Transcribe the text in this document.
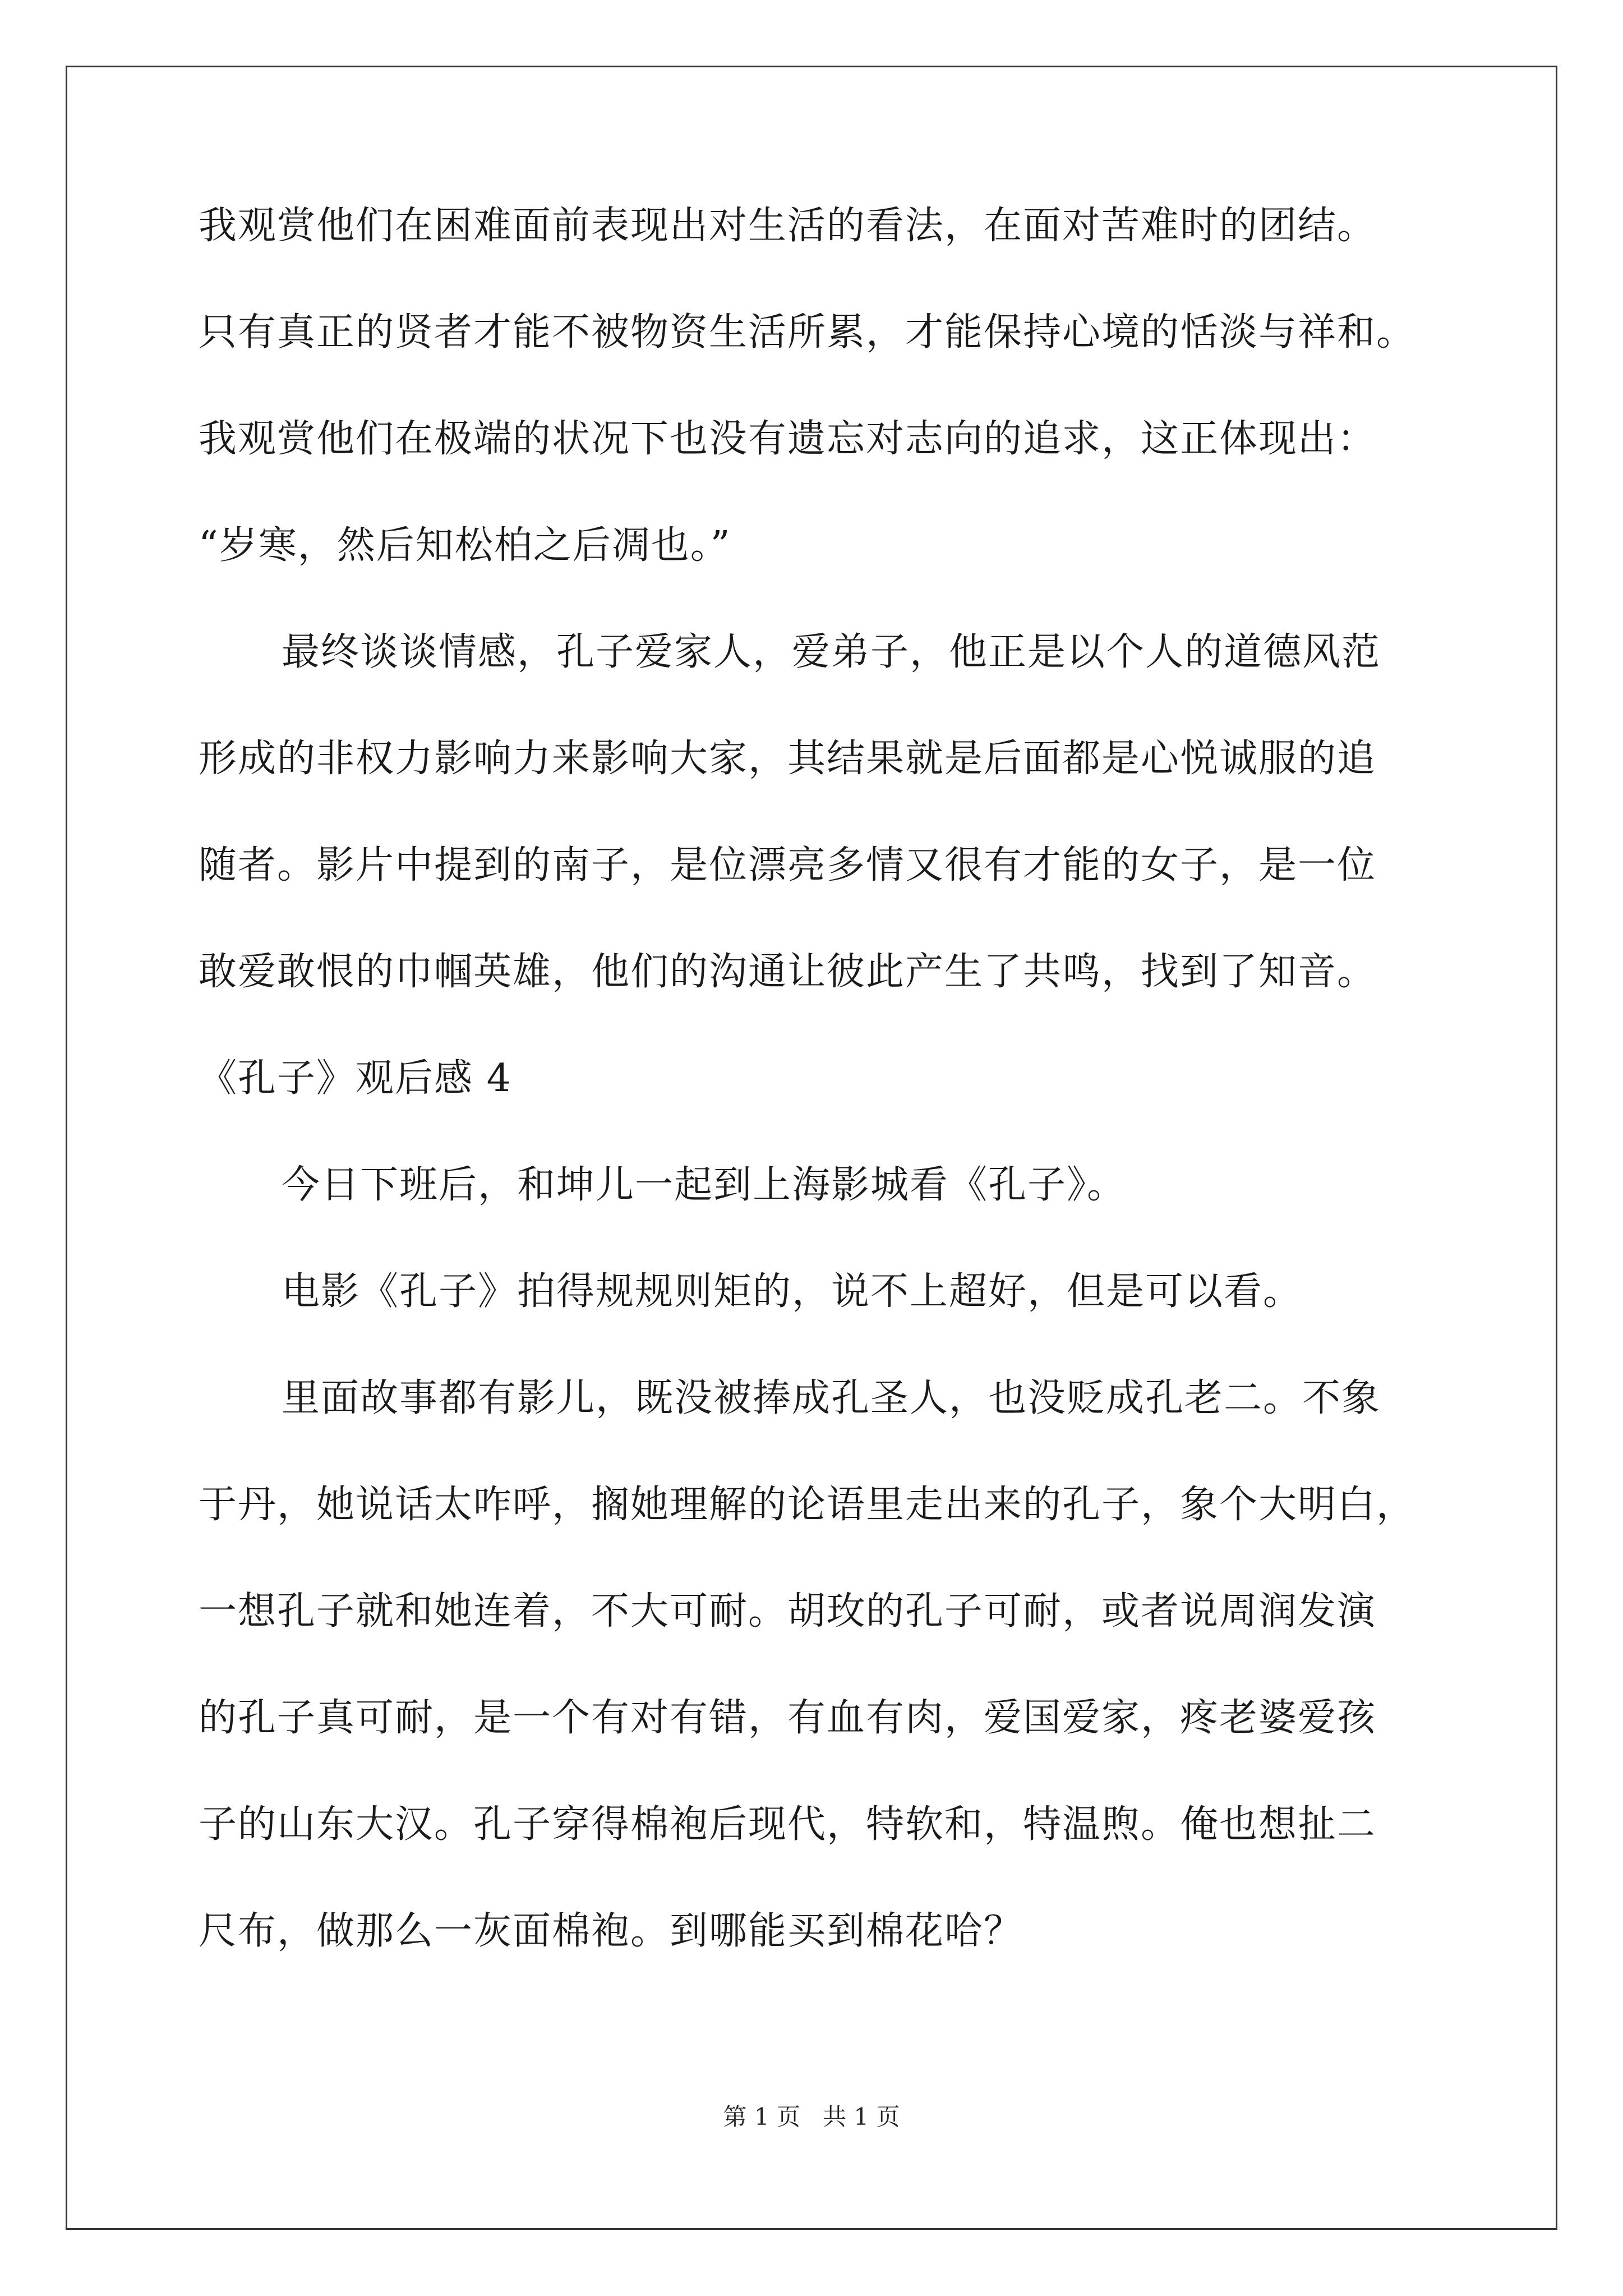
我观赏他们在困难面前表现出对生活的看法，在面对苦难时的团结。
只有真正的贤者才能不被物资生活所累，才能保持心境的恬淡与祥和。
我观赏他们在极端的状况下也没有遗忘对志向的追求，这正体现出：
“岁寒，然后知松柏之后凋也。”
最终谈谈情感，孔子爱家人，爱弟子，他正是以个人的道德风范
形成的非权力影响力来影响大家，其结果就是后面都是心悦诚服的追
随者。影片中提到的南子，是位漂亮多情又很有才能的女子，是一位
敢爱敢恨的巾帼英雄，他们的沟通让彼此产生了共鸣，找到了知音。
《孔子》观后感 4
今日下班后，和坤儿一起到上海影城看《孔子》。
电影《孔子》拍得规规则矩的，说不上超好，但是可以看。
里面故事都有影儿，既没被捧成孔圣人，也没贬成孔老二。不象
于丹，她说话太咋呼，搁她理解的论语里走出来的孔子，象个大明白，
一想孔子就和她连着，不大可耐。胡玫的孔子可耐，或者说周润发演
的孔子真可耐，是一个有对有错，有血有肉，爱国爱家，疼老婆爱孩
子的山东大汉。孔子穿得棉袍后现代，特软和，特温煦。俺也想扯二
尺布，做那么一灰面棉袍。到哪能买到棉花哈？
第 1 页   共 1 页
